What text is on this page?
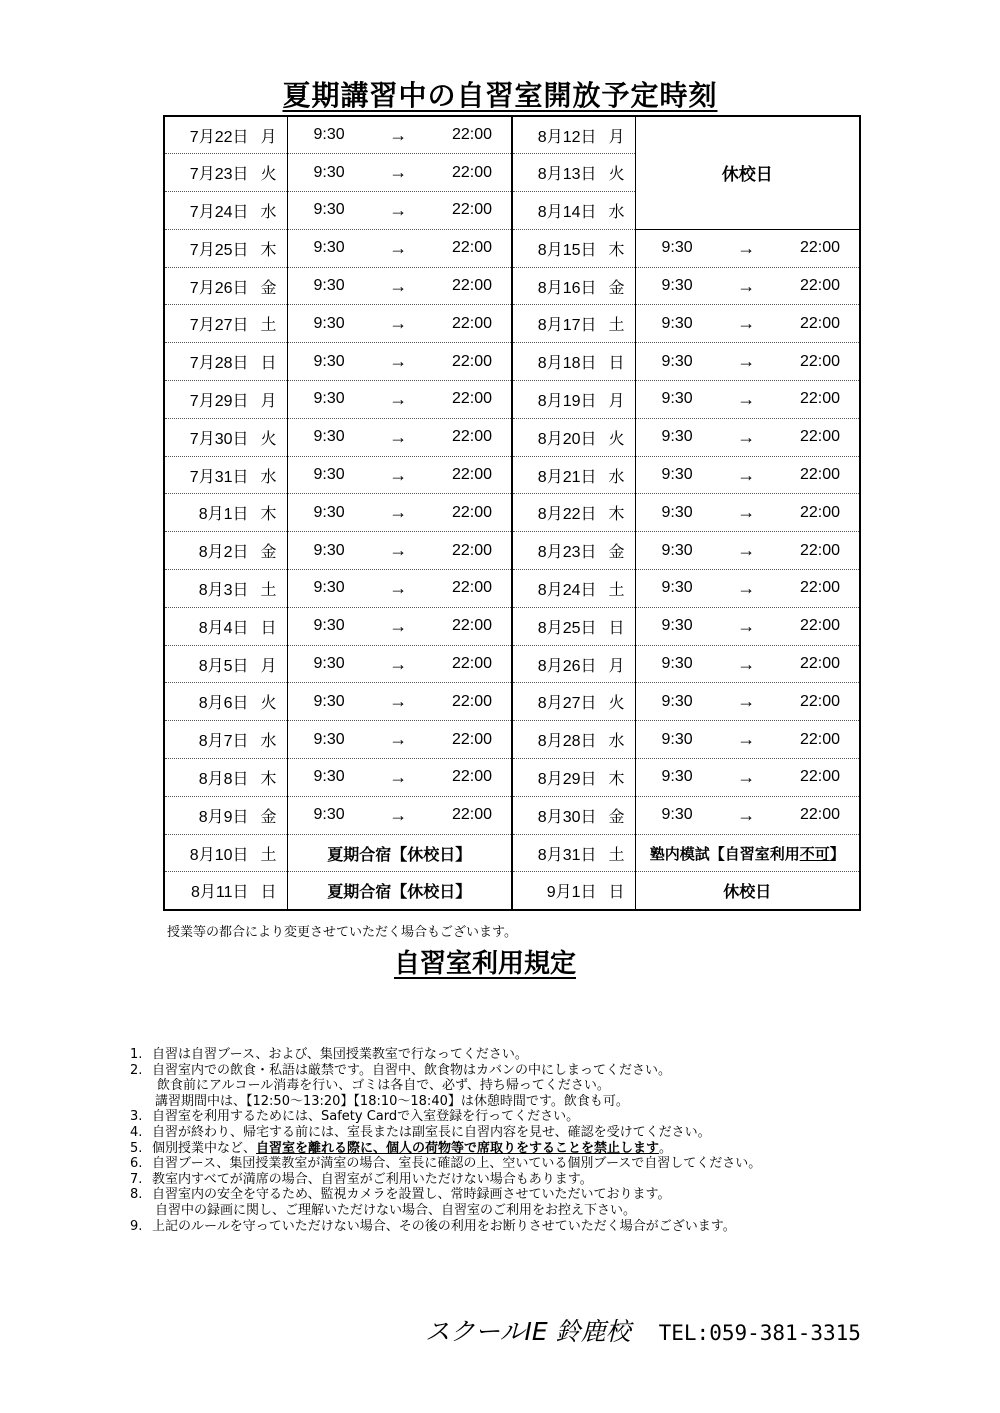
夏期講習中の自習室開放予定時刻
7月22日 月	9:30 → 22:00	8月12日 月	休校日
7月23日 火	9:30 → 22:00	8月13日 火	
7月24日 水	9:30 → 22:00	8月14日 水	
7月25日 木	9:30 → 22:00	8月15日 木	9:30 → 22:00

7月26日 金	9:30 → 22:00	8月16日 金	9:30 → 22:00

7月27日 土	9:30 → 22:00	8月17日 土	9:30 → 22:00

7月28日 日	9:30 → 22:00	8月18日 日	9:30 → 22:00

7月29日 月	9:30 → 22:00	8月19日 月	9:30 → 22:00

7月30日 火	9:30 → 22:00	8月20日 火	9:30 → 22:00

7月31日 水	9:30 → 22:00	8月21日 水	9:30 → 22:00

8月1日 木	9:30 → 22:00	8月22日 木	9:30 → 22:00

8月2日 金	9:30 → 22:00	8月23日 金	9:30 → 22:00

8月3日 土	9:30 → 22:00	8月24日 土	9:30 → 22:00

8月4日 日	9:30 → 22:00	8月25日 日	9:30 → 22:00

8月5日 月	9:30 → 22:00	8月26日 月	9:30 → 22:00

8月6日 火	9:30 → 22:00	8月27日 火	9:30 → 22:00

8月7日 水	9:30 → 22:00	8月28日 水	9:30 → 22:00

8月8日 木	9:30 → 22:00	8月29日 木	9:30 → 22:00

8月9日 金	9:30 → 22:00	8月30日 金	9:30 → 22:00

8月10日 土	夏期合宿【休校日】	8月31日 土	塾内模試【自習室利用不可】
8月11日 日	夏期合宿【休校日】	9月1日 日	休校日
授業等の都合により変更させていただく場合もございます。
自習室利用規定
1. 自習は自習ブース、および、集団授業教室で行なってください。
2. 自習室内での飲食・私語は厳禁です。自習中、飲食物はカバンの中にしまってください。
飲食前にアルコール消毒を行い、ゴミは各自で、必ず、持ち帰ってください。
講習期間中は、【12:50～13:20】【18:10～18:40】は休憩時間です。飲食も可。
3. 自習室を利用するためには、Safety Cardで入室登録を行ってください。
4. 自習が終わり、帰宅する前には、室長または副室長に自習内容を見せ、確認を受けてください。
5. 個別授業中など、自習室を離れる際に、個人の荷物等で席取りをすることを禁止します。
6. 自習ブース、集団授業教室が満室の場合、室長に確認の上、空いている個別ブースで自習してください。
7. 教室内すべてが満席の場合、自習室がご利用いただけない場合もあります。
8. 自習室内の安全を守るため、監視カメラを設置し、常時録画させていただいております。
自習中の録画に関し、ご理解いただけない場合、自習室のご利用をお控え下さい。
9. 上記のルールを守っていただけない場合、その後の利用をお断りさせていただく場合がございます。
スクールIE 鈴鹿校 TEL:059-381-3315
